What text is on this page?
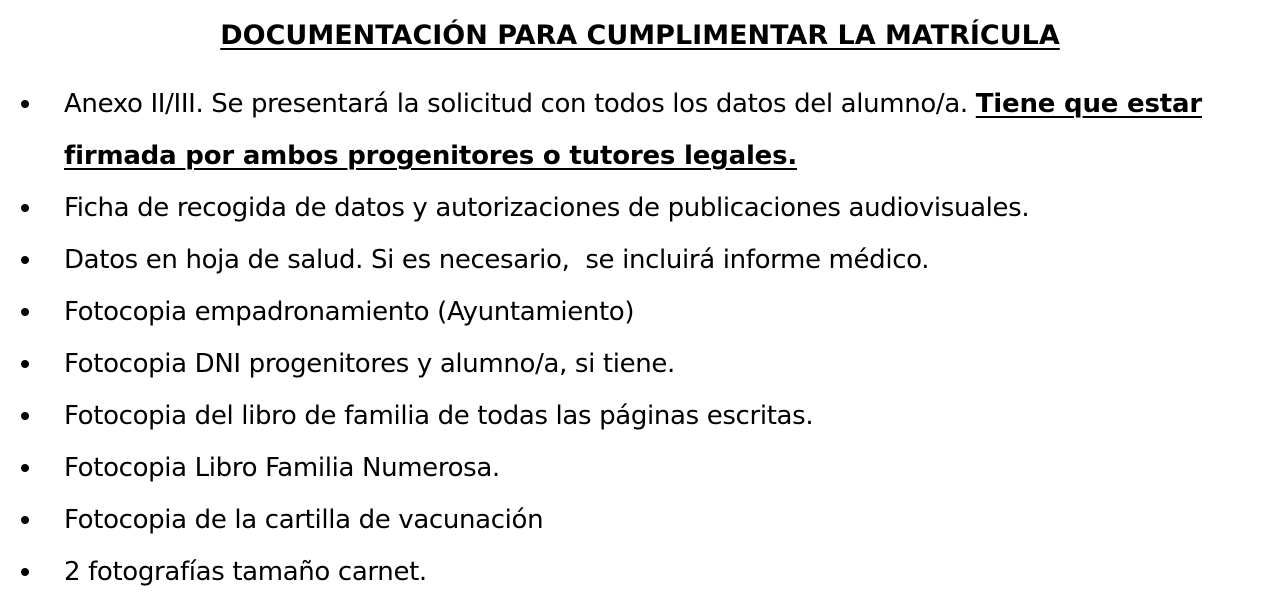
DOCUMENTACIÓN PARA CUMPLIMENTAR LA MATRÍCULA
Anexo II/III. Se presentará la solicitud con todos los datos del alumno/a. Tiene que estar firmada por ambos progenitores o tutores legales.
Ficha de recogida de datos y autorizaciones de publicaciones audiovisuales.
Datos en hoja de salud. Si es necesario,  se incluirá informe médico.
Fotocopia empadronamiento (Ayuntamiento)
Fotocopia DNI progenitores y alumno/a, si tiene.
Fotocopia del libro de familia de todas las páginas escritas.
Fotocopia Libro Familia Numerosa.
Fotocopia de la cartilla de vacunación
2 fotografías tamaño carnet.
